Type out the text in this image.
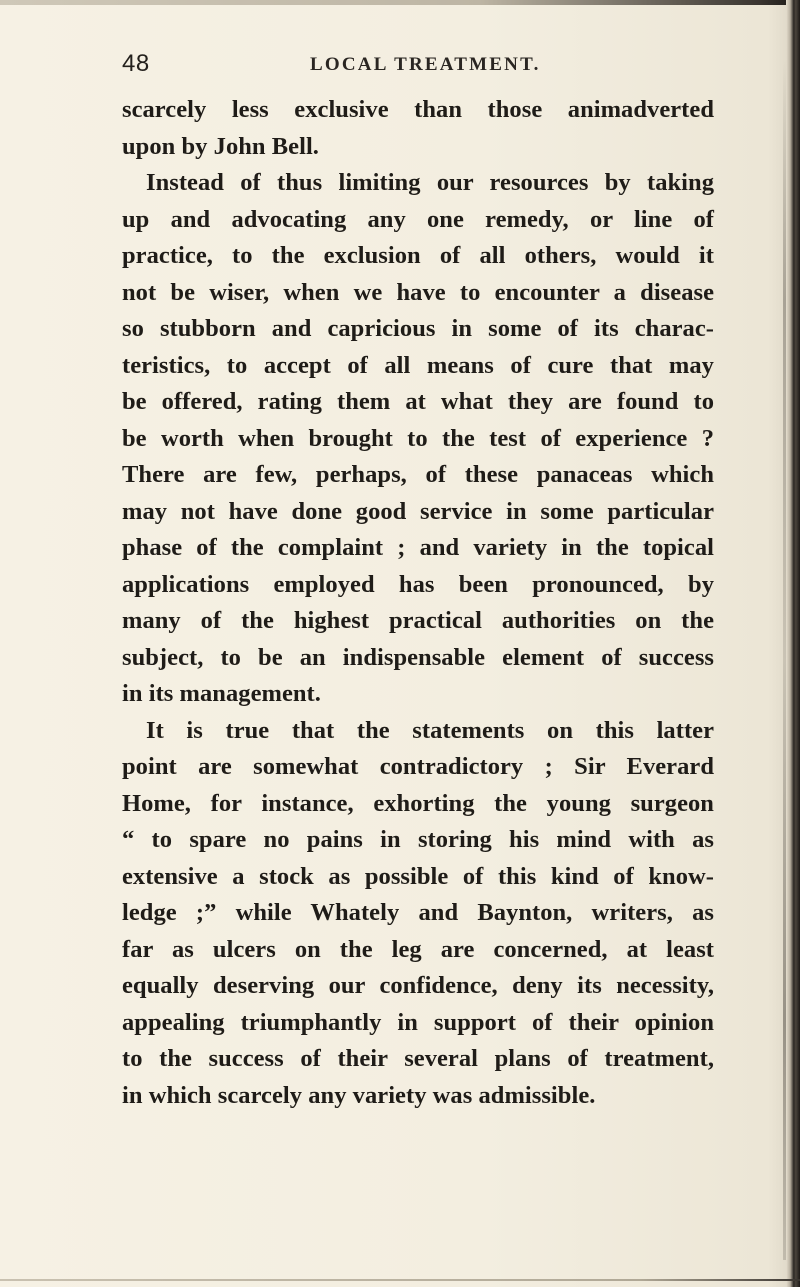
48	LOCAL TREATMENT.
scarcely less exclusive than those animadverted
upon by John Bell.
Instead of thus limiting our resources by taking
up and advocating any one remedy, or line of
practice, to the exclusion of all others, would it
not be wiser, when we have to encounter a disease
so stubborn and capricious in some of its charac-
teristics, to accept of all means of cure that may
be offered, rating them at what they are found to
be worth when brought to the test of experience ?
There are few, perhaps, of these panaceas which
may not have done good service in some particular
phase of the complaint ; and variety in the topical
applications employed has been pronounced, by
many of the highest practical authorities on the
subject, to be an indispensable element of success
in its management.
It is true that the statements on this latter
point are somewhat contradictory ; Sir Everard
Home, for instance, exhorting the young surgeon
“ to spare no pains in storing his mind with as
extensive a stock as possible of this kind of know-
ledge ;” while Whately and Baynton, writers, as
far as ulcers on the leg are concerned, at least
equally deserving our confidence, deny its necessity,
appealing triumphantly in support of their opinion
to the success of their several plans of treatment,
in which scarcely any variety was admissible.
